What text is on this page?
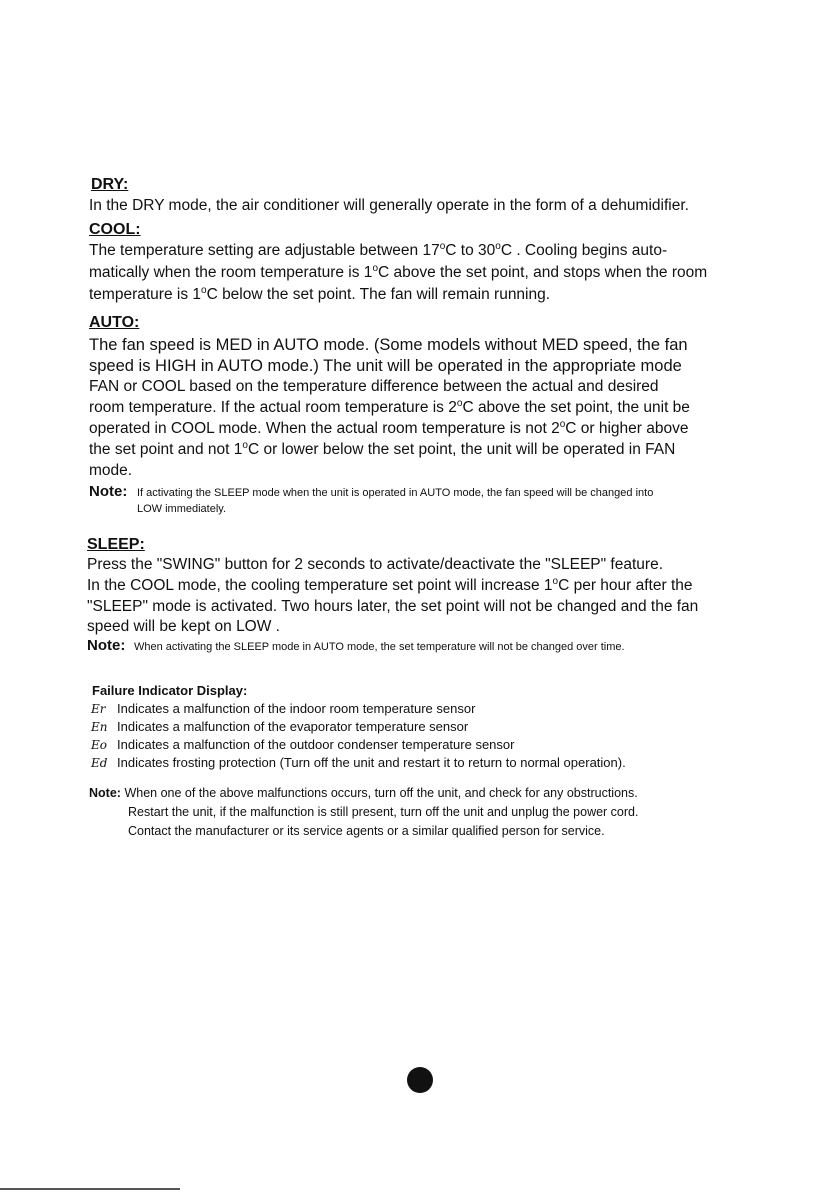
DRY:
In the DRY mode, the air conditioner will generally operate in the form of a dehumidifier.
COOL:
The temperature setting are adjustable between 17$^o$C to 30$^o$C . Cooling begins auto-
matically when the room temperature is 1$^o$C above the set point, and stops when the room
temperature is 1$^o$C below the set point. The fan will remain running.
AUTO:
The fan speed is MED in AUTO mode. (Some models without MED speed, the fan
speed is HIGH in AUTO mode.) The unit will be operated in the appropriate mode
FAN or COOL based on the temperature difference between the actual and desired
room temperature. If the actual room temperature is 2$^o$C above the set point, the unit be
operated in COOL mode. When the actual room temperature is not 2$^o$C or higher above
the set point and not 1$^o$C or lower below the set point, the unit will be operated in FAN
mode.
Note: If activating the SLEEP mode when the unit is operated in AUTO mode, the fan speed will be changed into
LOW immediately.
SLEEP:
Press the "SWING" button for 2 seconds to activate/deactivate the "SLEEP" feature.
In the COOL mode, the cooling temperature set point will increase 1$^o$C per hour after the
"SLEEP" mode is activated. Two hours later, the set point will not be changed and the fan
speed will be kept on LOW .
Note: When activating the SLEEP mode in AUTO mode, the set temperature will not be changed over time.
Failure Indicator Display:
Er Indicates a malfunction of the indoor room temperature sensor
En Indicates a malfunction of the evaporator temperature sensor
Eo Indicates a malfunction of the outdoor condenser temperature sensor
Ed Indicates frosting protection (Turn off the unit and restart it to return to normal operation).
Note: When one of the above malfunctions occurs, turn off the unit, and check for any obstructions.
Restart the unit, if the malfunction is still present, turn off the unit and unplug the power cord.
Contact the manufacturer or its service agents or a similar qualified person for service.
